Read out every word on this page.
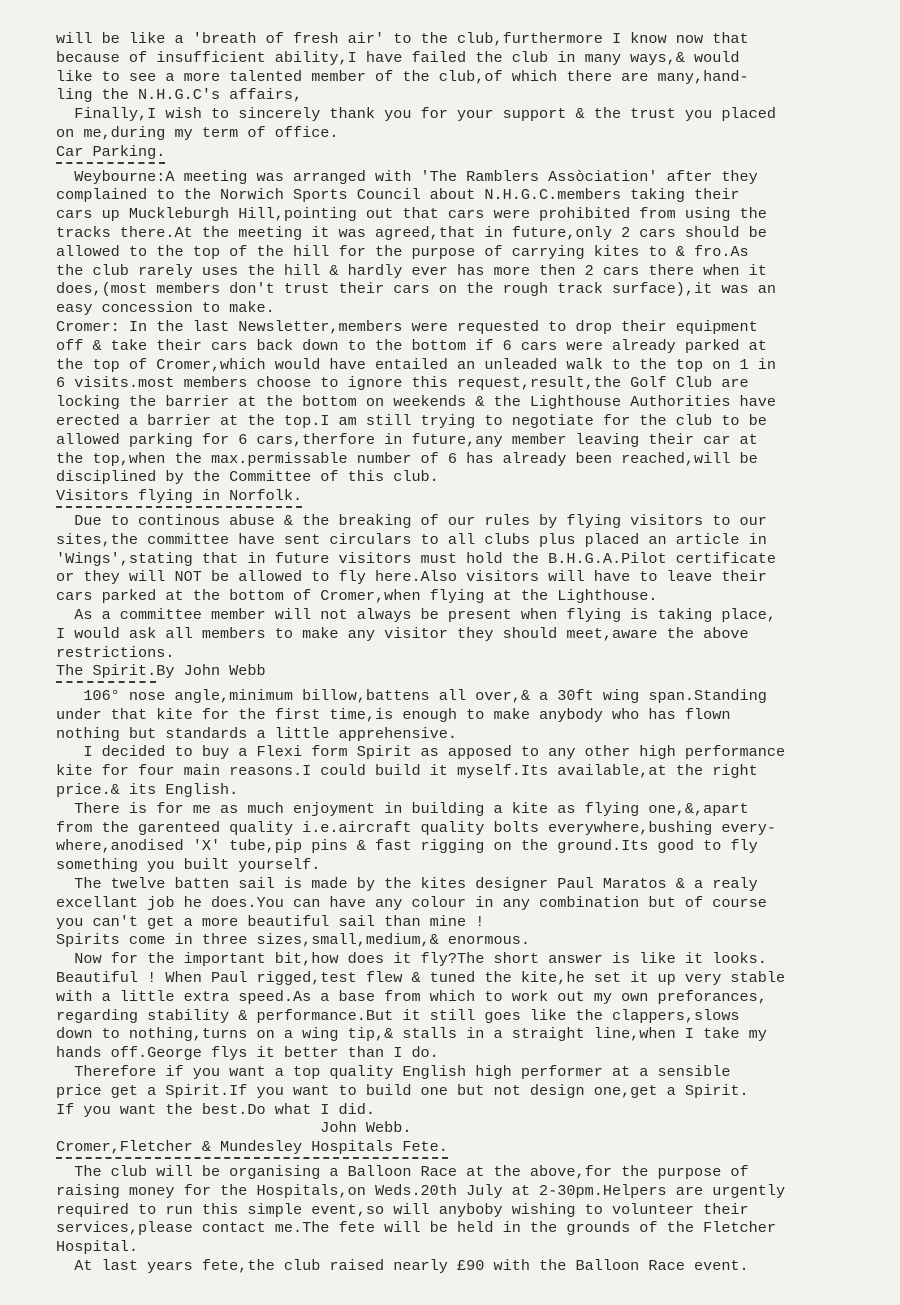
will be like a 'breath of fresh air' to the club,furthermore I know now that
because of insufficient ability,I have failed the club in many ways,& would
like to see a more talented member of the club,of which there are many,hand-
ling the N.H.G.C's affairs,
Finally,I wish to sincerely thank you for your support & the trust you placed
on me,during my term of office.
Car Parking.
Weybourne:A meeting was arranged with 'The Ramblers Assòciation' after they
complained to the Norwich Sports Council about N.H.G.C.members taking their
cars up Mucklebur​gh Hill,pointing out that cars were prohibited from using the
tracks there.At the meeting it was agreed,that in future,only 2 cars should be
allowed to the top of the hill for the purpose of carrying kites to & fro.As
the club rarely uses the hill & hardly ever has more then 2 cars there when it
does,(most members don't trust their cars on the rough track surface),it was an
easy concession to make.
Cromer: In the last Newsletter,members were requested to drop their equipment
off & take their cars back down to the bottom if 6 cars were already parked at
the top of Cromer,which would have entailed an unleaded walk to the top on 1 in
6 visits.most members choose to ignore this request,result,the Golf Club are
locking the barrier at the bottom on weekends & the Lighthouse Authorities have
erected a barrier at the top.I am still trying to negotiate for the club to be
allowed parking for 6 cars,therfore in future,any member leaving their car at
the top,when the max.permissable number of 6 has already been reached,will be
disciplined by the Committee of this club.
Visitors flying in Norfolk.
Due to continous abuse & the breaking of our rules by flying visitors to our
sites,the committee have sent circulars to all clubs plus placed an article in
'Wings',stating that in future visitors must hold the B.H.G.A.Pilot certificate
or they will NOT be allowed to fly here.Also visitors will have to leave their
cars parked at the bottom of Cromer,when flying at the Lighthouse.
As a committee member will not always be present when flying is taking place,
I would ask all members to make any visitor they should meet,aware the above
restrictions.
The Spirit.By John Webb
106° nose angle,minimum billow,battens all over,& a 30ft wing span.Standing
under that kite for the first time,is enough to make anybody who has flown
nothing but standards a little apprehensive.
I decided to buy a Flexi form Spirit as apposed to any other high performance
kite for four main reasons.I could build it myself.Its available,at the right
price.& its English.
There is for me as much enjoyment in building a kite as flying one,&,apart
from the garenteed quality i.e.aircraft quality bolts everywhere,bushing every-
where,anodised 'X' tube,pip pins & fast rigging on the ground.Its good to fly
something you built yourself.
The twelve batten sail is made by the kites designer Paul Maratos & a realy
excellant job he does.You can have any colour in any combination but of course
you can't get a more beautiful sail than mine !
Spirits come in three sizes,small,medium,& enormous.
Now for the important bit,how does it fly?The short answer is like it looks.
Beautiful ! When Paul rigged,test flew & tuned the kite,he set it up very stable
with a little extra speed.As a base from which to work out my own preforances,
regarding stability & performance.But it still goes like the clappers,slows
down to nothing,turns on a wing tip,& stalls in a straight line,when I take my
hands off.George flys it better than I do.
Therefore if you want a top quality English high performer at a sensible
price get a Spirit.If you want to build one but not design one,get a Spirit.
If you want the best.Do what I did.
John Webb.
Cromer,Fletcher & Mundesley Hospitals Fete.
The club will be organising a Balloon Race at the above,for the purpose of
raising money for the Hospitals,on Weds.20th July at 2-30pm.Helpers are urgently
required to run this simple event,so will anyboby wishing to volunteer their
services,please contact me.The fete will be held in the grounds of the Fletcher
Hospital.
At last years fete,the club raised nearly £90 with the Balloon Race event.
